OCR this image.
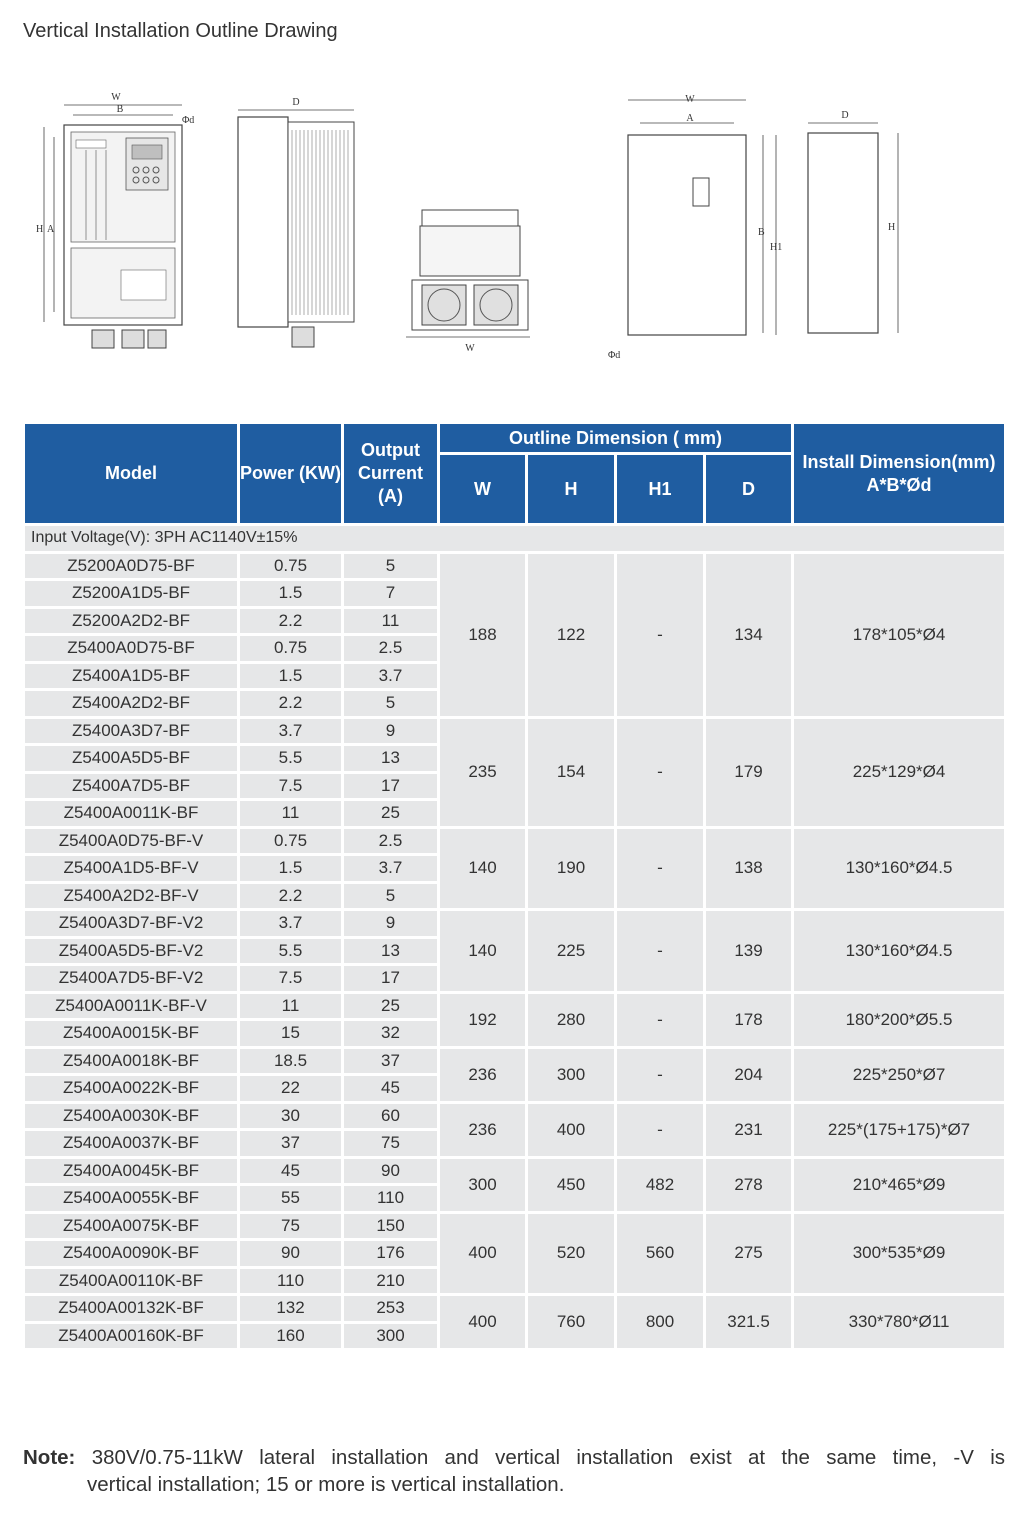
Vertical Installation Outline Drawing
W
B
Φd
H A
D
W
W
A
B
H1
Φd
D
H
Model	Power (KW)	Output Current (A)	Outline Dimension ( mm)				Install Dimension(mm) A*B*Ød
			W	H	H1	D	
Input Voltage(V): 3PH AC1140V±15%							
Z5200A0D75-BF	0.75	5	188	122	-	134	178*105*Ø4
Z5200A1D5-BF	1.5	7					
Z5200A2D2-BF	2.2	11					
Z5400A0D75-BF	0.75	2.5					
Z5400A1D5-BF	1.5	3.7					
Z5400A2D2-BF	2.2	5					
Z5400A3D7-BF	3.7	9	235	154	-	179	225*129*Ø4
Z5400A5D5-BF	5.5	13					
Z5400A7D5-BF	7.5	17					
Z5400A0011K-BF	11	25					
Z5400A0D75-BF-V	0.75	2.5	140	190	-	138	130*160*Ø4.5
Z5400A1D5-BF-V	1.5	3.7					
Z5400A2D2-BF-V	2.2	5					
Z5400A3D7-BF-V2	3.7	9	140	225	-	139	130*160*Ø4.5
Z5400A5D5-BF-V2	5.5	13					
Z5400A7D5-BF-V2	7.5	17					
Z5400A0011K-BF-V	11	25	192	280	-	178	180*200*Ø5.5
Z5400A0015K-BF	15	32					
Z5400A0018K-BF	18.5	37	236	300	-	204	225*250*Ø7
Z5400A0022K-BF	22	45					
Z5400A0030K-BF	30	60	236	400	-	231	225*(175+175)*Ø7
Z5400A0037K-BF	37	75					
Z5400A0045K-BF	45	90	300	450	482	278	210*465*Ø9
Z5400A0055K-BF	55	110					
Z5400A0075K-BF	75	150	400	520	560	275	300*535*Ø9
Z5400A0090K-BF	90	176					
Z5400A00110K-BF	110	210					
Z5400A00132K-BF	132	253	400	760	800	321.5	330*780*Ø11
Z5400A00160K-BF	160	300					
Note: 380V/0.75-11kW lateral installation and vertical installation exist at the same time, -V is
vertical installation; 15 or more is vertical installation.
